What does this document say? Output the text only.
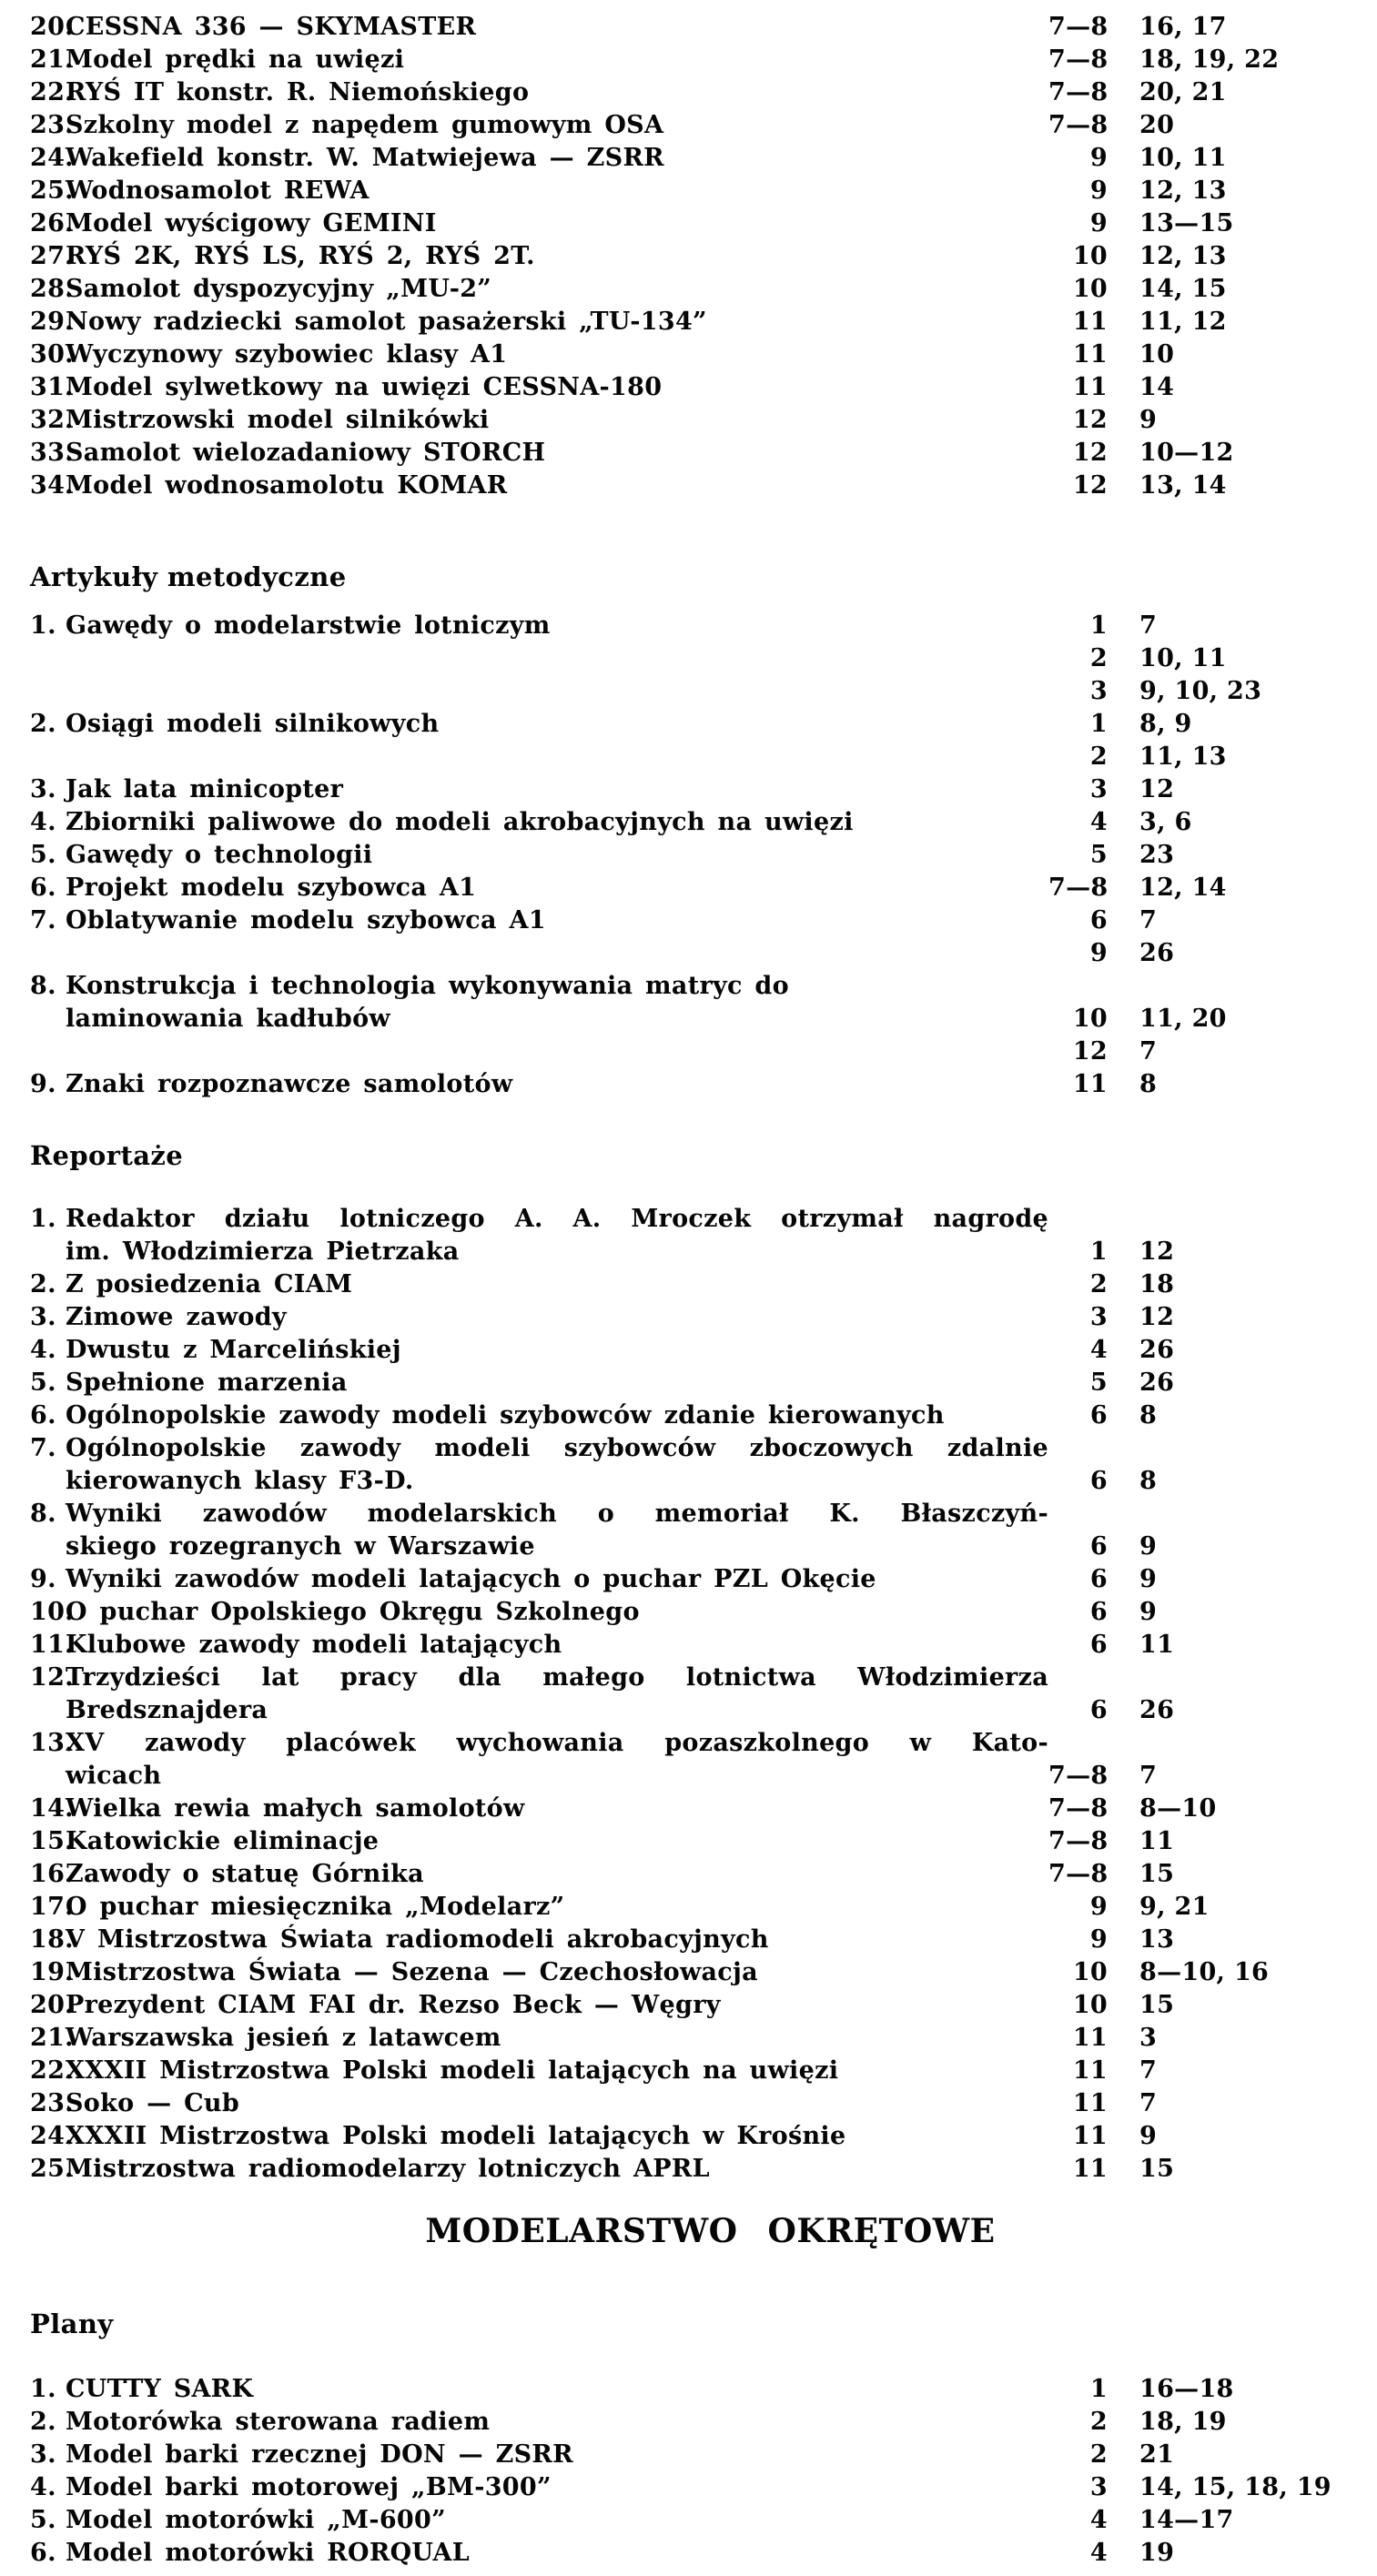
20.
CESSNA 336 — SKYMASTER	7—8	16, 17
21.
Model prędki na uwięzi	7—8	18, 19, 22
22.
RYŚ IT konstr. R. Niemońskiego	7—8	20, 21
23.
Szkolny model z napędem gumowym OSA	7—8	20
24.
Wakefield konstr. W. Matwiejewa — ZSRR	9	10, 11
25.
Wodnosamolot REWA	9	12, 13
26.
Model wyścigowy GEMINI	9	13—15
27.
RYŚ 2K, RYŚ LS, RYŚ 2, RYŚ 2T.	10	12, 13
28.
Samolot dyspozycyjny „MU-2”	10	14, 15
29.
Nowy radziecki samolot pasażerski „TU-134”	11	11, 12
30.
Wyczynowy szybowiec klasy A1	11	10
31.
Model sylwetkowy na uwięzi CESSNA-180	11	14
32.
Mistrzowski model silnikówki	12	9
33.
Samolot wielozadaniowy STORCH	12	10—12
34.
Model wodnosamolotu KOMAR	12	13, 14
Artykuły metodyczne
1. Gawędy o modelarstwie lotniczym	1	7
2	10, 11
3	9, 10, 23
2. Osiągi modeli silnikowych	1	8, 9
2	11, 13
3. Jak lata minicopter	3	12
4. Zbiorniki paliwowe do modeli akrobacyjnych na uwięzi	4	3, 6
5. Gawędy o technologii	5	23
6. Projekt modelu szybowca A1	7—8	12, 14
7. Oblatywanie modelu szybowca A1	6	7
9	26
8. Konstrukcja i technologia wykonywania matryc do
laminowania kadłubów	10	11, 20
12	7
9. Znaki rozpoznawcze samolotów	11	8
Reportaże
1. Redaktor działu lotniczego A. A. Mroczek otrzymał nagrodę
im. Włodzimierza Pietrzaka	1	12
2. Z posiedzenia CIAM	2	18
3. Zimowe zawody	3	12
4. Dwustu z Marcelińskiej	4	26
5. Spełnione marzenia	5	26
6. Ogólnopolskie zawody modeli szybowców zdanie kierowanych	6	8
7. Ogólnopolskie zawody modeli szybowców zboczowych zdalnie
kierowanych klasy F3-D.	6	8
8. Wyniki zawodów modelarskich o memoriał K. Błaszczyń-
skiego rozegranych w Warszawie	6	9
9. Wyniki zawodów modeli latających o puchar PZL Okęcie	6	9
10.
O puchar Opolskiego Okręgu Szkolnego	6	9
11.
Klubowe zawody modeli latających	6	11
12.
Trzydzieści lat pracy dla małego lotnictwa Włodzimierza
Bredsznajdera	6	26
13.
XV zawody placówek wychowania pozaszkolnego w Kato-
wicach	7—8	7
14.
Wielka rewia małych samolotów	7—8	8—10
15.
Katowickie eliminacje	7—8	11
16.
Zawody o statuę Górnika	7—8	15
17.
O puchar miesięcznika „Modelarz”	9	9, 21
18.
V Mistrzostwa Świata radiomodeli akrobacyjnych	9	13
19.
Mistrzostwa Świata — Sezena — Czechosłowacja	10	8—10, 16
20.
Prezydent CIAM FAI dr. Rezso Beck — Węgry	10	15
21.
Warszawska jesień z latawcem	11	3
22.
XXXII Mistrzostwa Polski modeli latających na uwięzi	11	7
23.
Soko — Cub	11	7
24.
XXXII Mistrzostwa Polski modeli latających w Krośnie	11	9
25.
Mistrzostwa radiomodelarzy lotniczych APRL	11	15
MODELARSTWO OKRĘTOWE
Plany
1. CUTTY SARK	1	16—18
2. Motorówka sterowana radiem	2	18, 19
3. Model barki rzecznej DON — ZSRR	2	21
4. Model barki motorowej „BM-300”	3	14, 15, 18, 19
5. Model motorówki „M-600”	4	14—17
6. Model motorówki RORQUAL	4	19
